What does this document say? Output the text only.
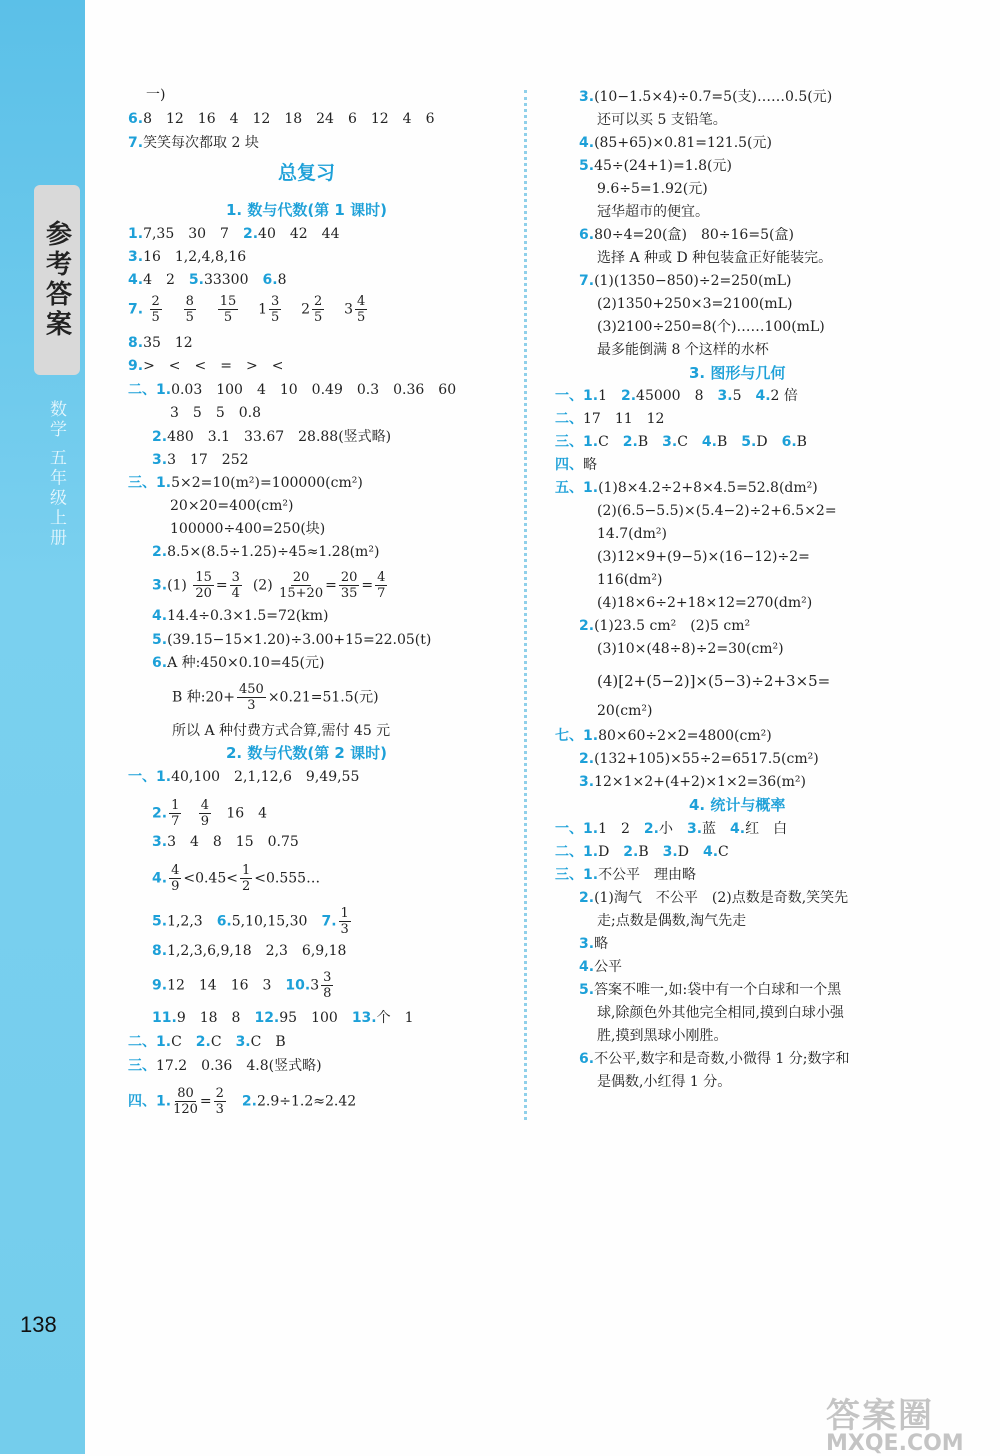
参考答案
数学 五年级上册
一)
6.8　12　16　4　12　18　24　6　12　4　6
7.笑笑每次都取 2 块
总复习
1. 数与代数(第 1 课时)
1.7,35　30　7　 2.40　42　44
3.16　1,2,4,8,16
4.4　2　 5.33300　 6.8
7. $\frac{2}{5}$
$\frac{8}{5}$
$\frac{15}{5} 1 \frac{3}{5} 2 \frac{2}{5} 3 \frac{4}{5}$
8.35　12
9.>　<　<　=　>　<
二、1.0.03　100　4　10　0.49　0.3　0.36　60
3　5　5　0.8
2.480　3.1　33.67　28.88(竖式略)
3.3　17　252
三、1.5×2=10(m²)=100000(cm²)
20×20=400(cm²)
100000÷400=250(块)
2.8.5×(8.5÷1.25)÷45≈1.28(m²)
$3.(1) \frac{15}{20} = \frac{3}{4} (2) \frac{20}{15+20} = \frac{20}{35} = \frac{4}{7}$
4.14.4÷0.3×1.5=72(km)
5.(39.15−15×1.20)÷3.00+15=22.05(t)
6.A 种:450×0.10=45(元)
B 种:20+ $\frac{450}{3} \times 0.21=51.5$(元)
所以 A 种付费方式合算,需付 45 元
2. 数与代数(第 2 课时)
一、1.40,100　2,1,12,6　9,49,55
2. $\frac{1}{7}$
$\frac{4}{9} 16$　4
3.3　4　8　15　0.75
4. $\frac{4}{9} <0.45< \frac{1}{2}$ <0.555…
5.1,2,3　 6.5,10,15,30　 7. $\frac{1}{3}$
8.1,2,3,6,9,18　2,3　6,9,18
9.12　14　16　3　 $10.3 \frac{3}{8}$
11.9　18　8　 12.95　100　 13.个　1
二、1.C　 2.C　 3.C　B
三、17.2　0.36　4.8(竖式略)
四、1. $\frac{80}{120} = \frac{2}{3}$
　 2.2.9÷1.2≈2.42
3.(10−1.5×4)÷0.7=5(支)……0.5(元)
还可以买 5 支铅笔。
4.(85+65)×0.81=121.5(元)
5.45÷(24+1)=1.8(元)
9.6÷5=1.92(元)
冠华超市的便宜。
6.80÷4=20(盒)　80÷16=5(盒)
选择 A 种或 D 种包装盒正好能装完。
7.(1)(1350−850)÷2=250(mL)
(2)1350+250×3=2100(mL)
(3)2100÷250=8(个)……100(mL)
最多能倒满 8 个这样的水杯
3. 图形与几何
一、1.1　 2.45000　8　 3.5　 4.2 倍
二、17　11　12
三、1.C　 2.B　 3.C　 4.B　 5.D　 6.B
四、略
五、1.(1)8×4.2÷2+8×4.5=52.8(dm²)
(2)(6.5−5.5)×(5.4−2)÷2+6.5×2=
14.7(dm²)
(3)12×9+(9−5)×(16−12)÷2=
116(dm²)
(4)18×6÷2+18×12=270(dm²)
2.(1)23.5 cm²　(2)5 cm²
(3)10×(48÷8)÷2=30(cm²)
(4)[2+(5−2)]×(5−3)÷2+3×5=
20(cm²)
七、1.80×60÷2×2=4800(cm²)
2.(132+105)×55÷2=6517.5(cm²)
3.12×1×2+(4+2)×1×2=36(m²)
4. 统计与概率
一、1.1　2　 2.小　 3.蓝　 4.红　白
二、1.D　 2.B　 3.D　 4.C
三、1.不公平　理由略
2.(1)淘气　不公平　(2)点数是奇数,笑笑先
走;点数是偶数,淘气先走
3.略
4.公平
5.答案不唯一,如:袋中有一个白球和一个黑
球,除颜色外其他完全相同,摸到白球小强
胜,摸到黑球小刚胜。
6.不公平,数字和是奇数,小微得 1 分;数字和
是偶数,小红得 1 分。
138
答案圈
MXQE.COM
